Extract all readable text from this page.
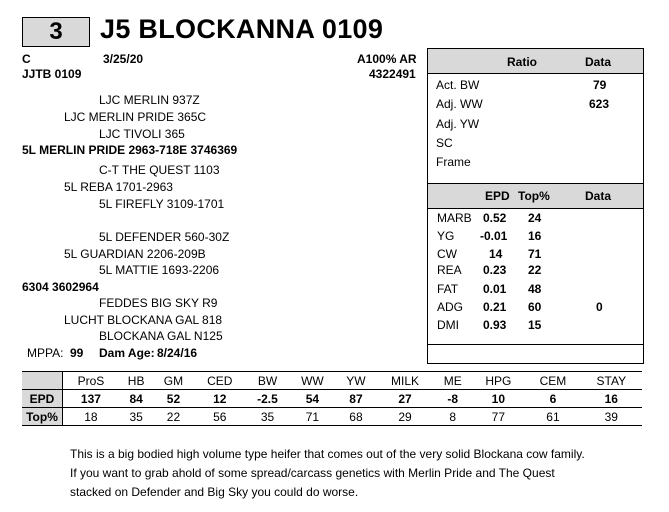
3	J5 BLOCKANNA 0109
C	3/25/20	A100% AR
JJTB 0109	4322491
LJC MERLIN 937Z
LJC MERLIN PRIDE 365C
LJC TIVOLI 365
5L MERLIN PRIDE 2963-718E 3746369
C-T THE QUEST 1103
5L REBA 1701-2963
5L FIREFLY 3109-1701
5L DEFENDER 560-30Z
5L GUARDIAN 2206-209B
5L MATTIE 1693-2206
6304 3602964
FEDDES BIG SKY R9
LUCHT BLOCKANA GAL 818
BLOCKANA GAL N125
MPPA: 99 Dam Age: 8/24/16
Ratio	Data
Act. BW	79
Adj. WW	623
Adj. YW
SC
Frame
EPD Top%	Data
MARB 0.52 24
YG -0.01 16
CW	14 71
REA 0.23 22
FAT 0.01 48
ADG 0.21 60	0
DMI 0.93 15
	ProS	HB	GM	CED	BW	WW	YW	MILK	ME	HPG	CEM	STAY
EPD	137	84	52	12	-2.5	54	87	27	-8	10	6	16
Top%	18	35	22	56	35	71	68	29	8	77	61	39
This is a big bodied high volume type heifer that comes out of the very solid Blockana cow family.
If you want to grab ahold of some spread/carcass genetics with Merlin Pride and The Quest
stacked on Defender and Big Sky you could do worse.
